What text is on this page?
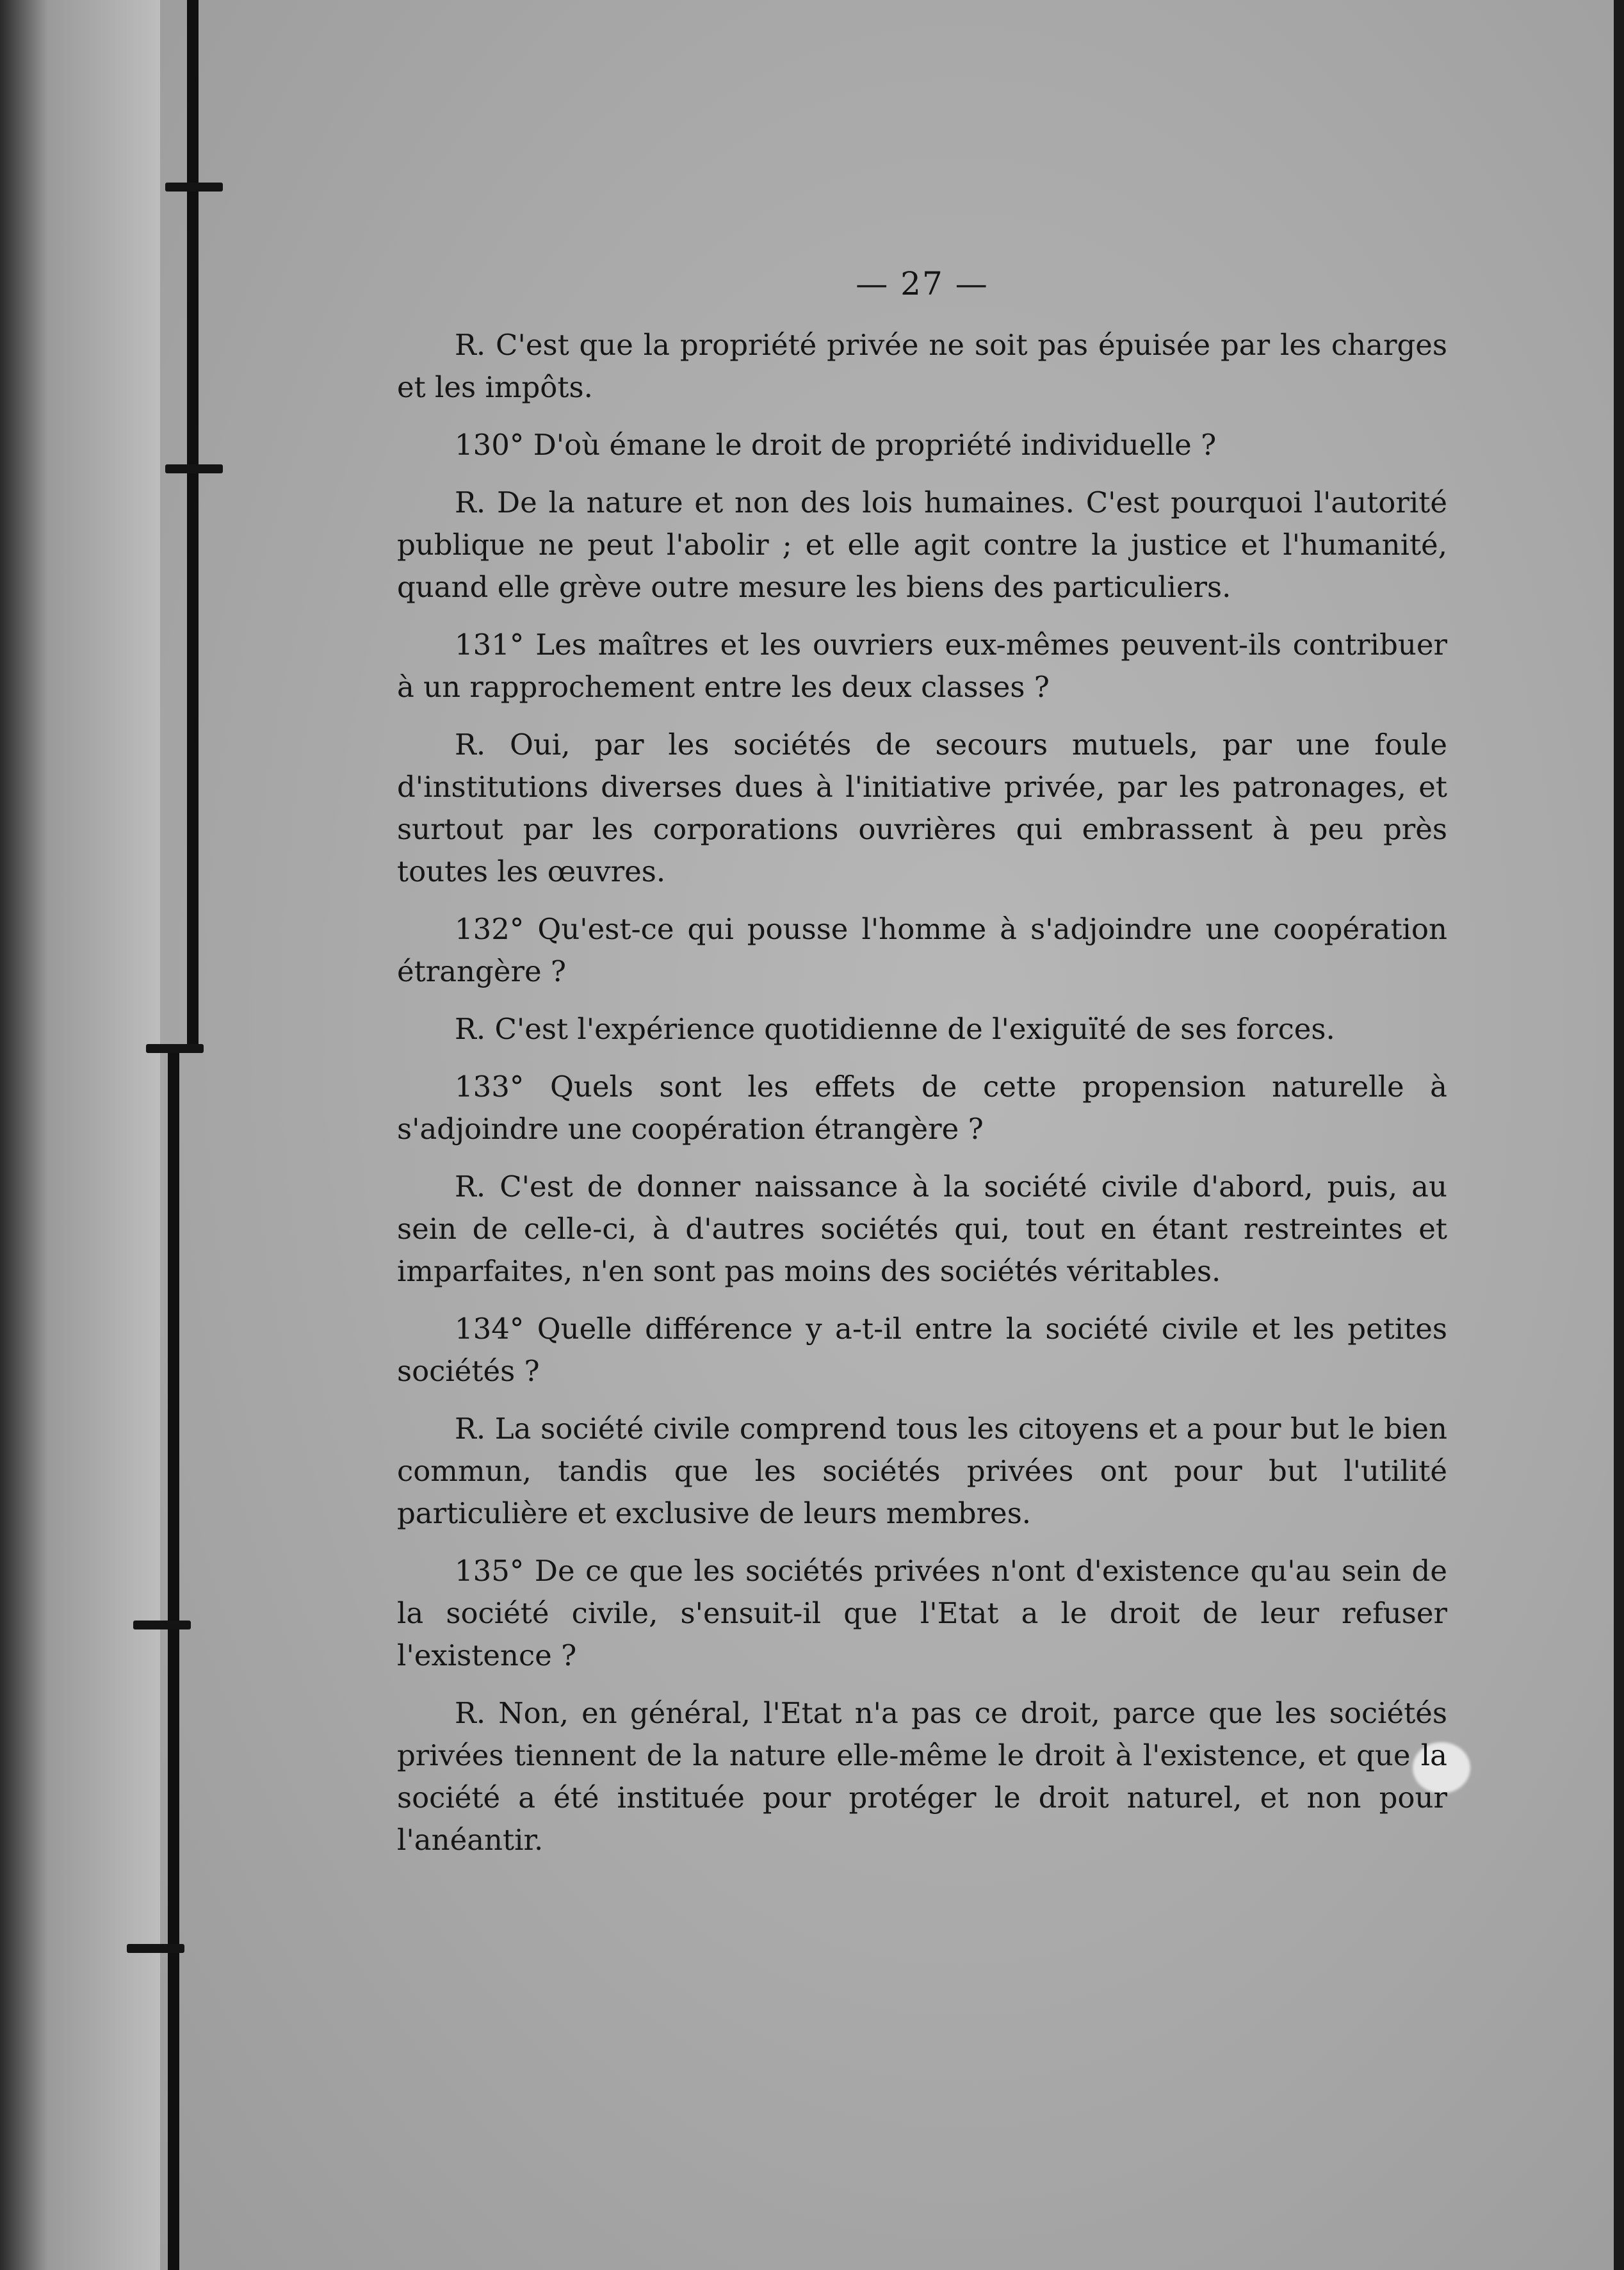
— 27 —

R. C'est que la propriété privée ne soit pas épuisée par les charges et les impôts.

130° D'où émane le droit de propriété individuelle ?

R. De la nature et non des lois humaines. C'est pourquoi l'autorité publique ne peut l'abolir ; et elle agit contre la justice et l'humanité, quand elle grève outre mesure les biens des particuliers.

131° Les maîtres et les ouvriers eux-mêmes peuvent-ils contribuer à un rapprochement entre les deux classes ?

R. Oui, par les sociétés de secours mutuels, par une foule d'institutions diverses dues à l'initiative privée, par les patronages, et surtout par les corporations ouvrières qui embrassent à peu près toutes les œuvres.

132° Qu'est-ce qui pousse l'homme à s'adjoindre une coopération étrangère ?

R. C'est l'expérience quotidienne de l'exiguïté de ses forces.

133° Quels sont les effets de cette propension naturelle à s'adjoindre une coopération étrangère ?

R. C'est de donner naissance à la société civile d'abord, puis, au sein de celle-ci, à d'autres sociétés qui, tout en étant restreintes et imparfaites, n'en sont pas moins des sociétés véritables.

134° Quelle différence y a-t-il entre la société civile et les petites sociétés ?

R. La société civile comprend tous les citoyens et a pour but le bien commun, tandis que les sociétés privées ont pour but l'utilité particulière et exclusive de leurs membres.

135° De ce que les sociétés privées n'ont d'existence qu'au sein de la société civile, s'ensuit-il que l'Etat a le droit de leur refuser l'existence ?

R. Non, en général, l'Etat n'a pas ce droit, parce que les sociétés privées tiennent de la nature elle-même le droit à l'existence, et que la société a été instituée pour protéger le droit naturel, et non pour l'anéantir.
